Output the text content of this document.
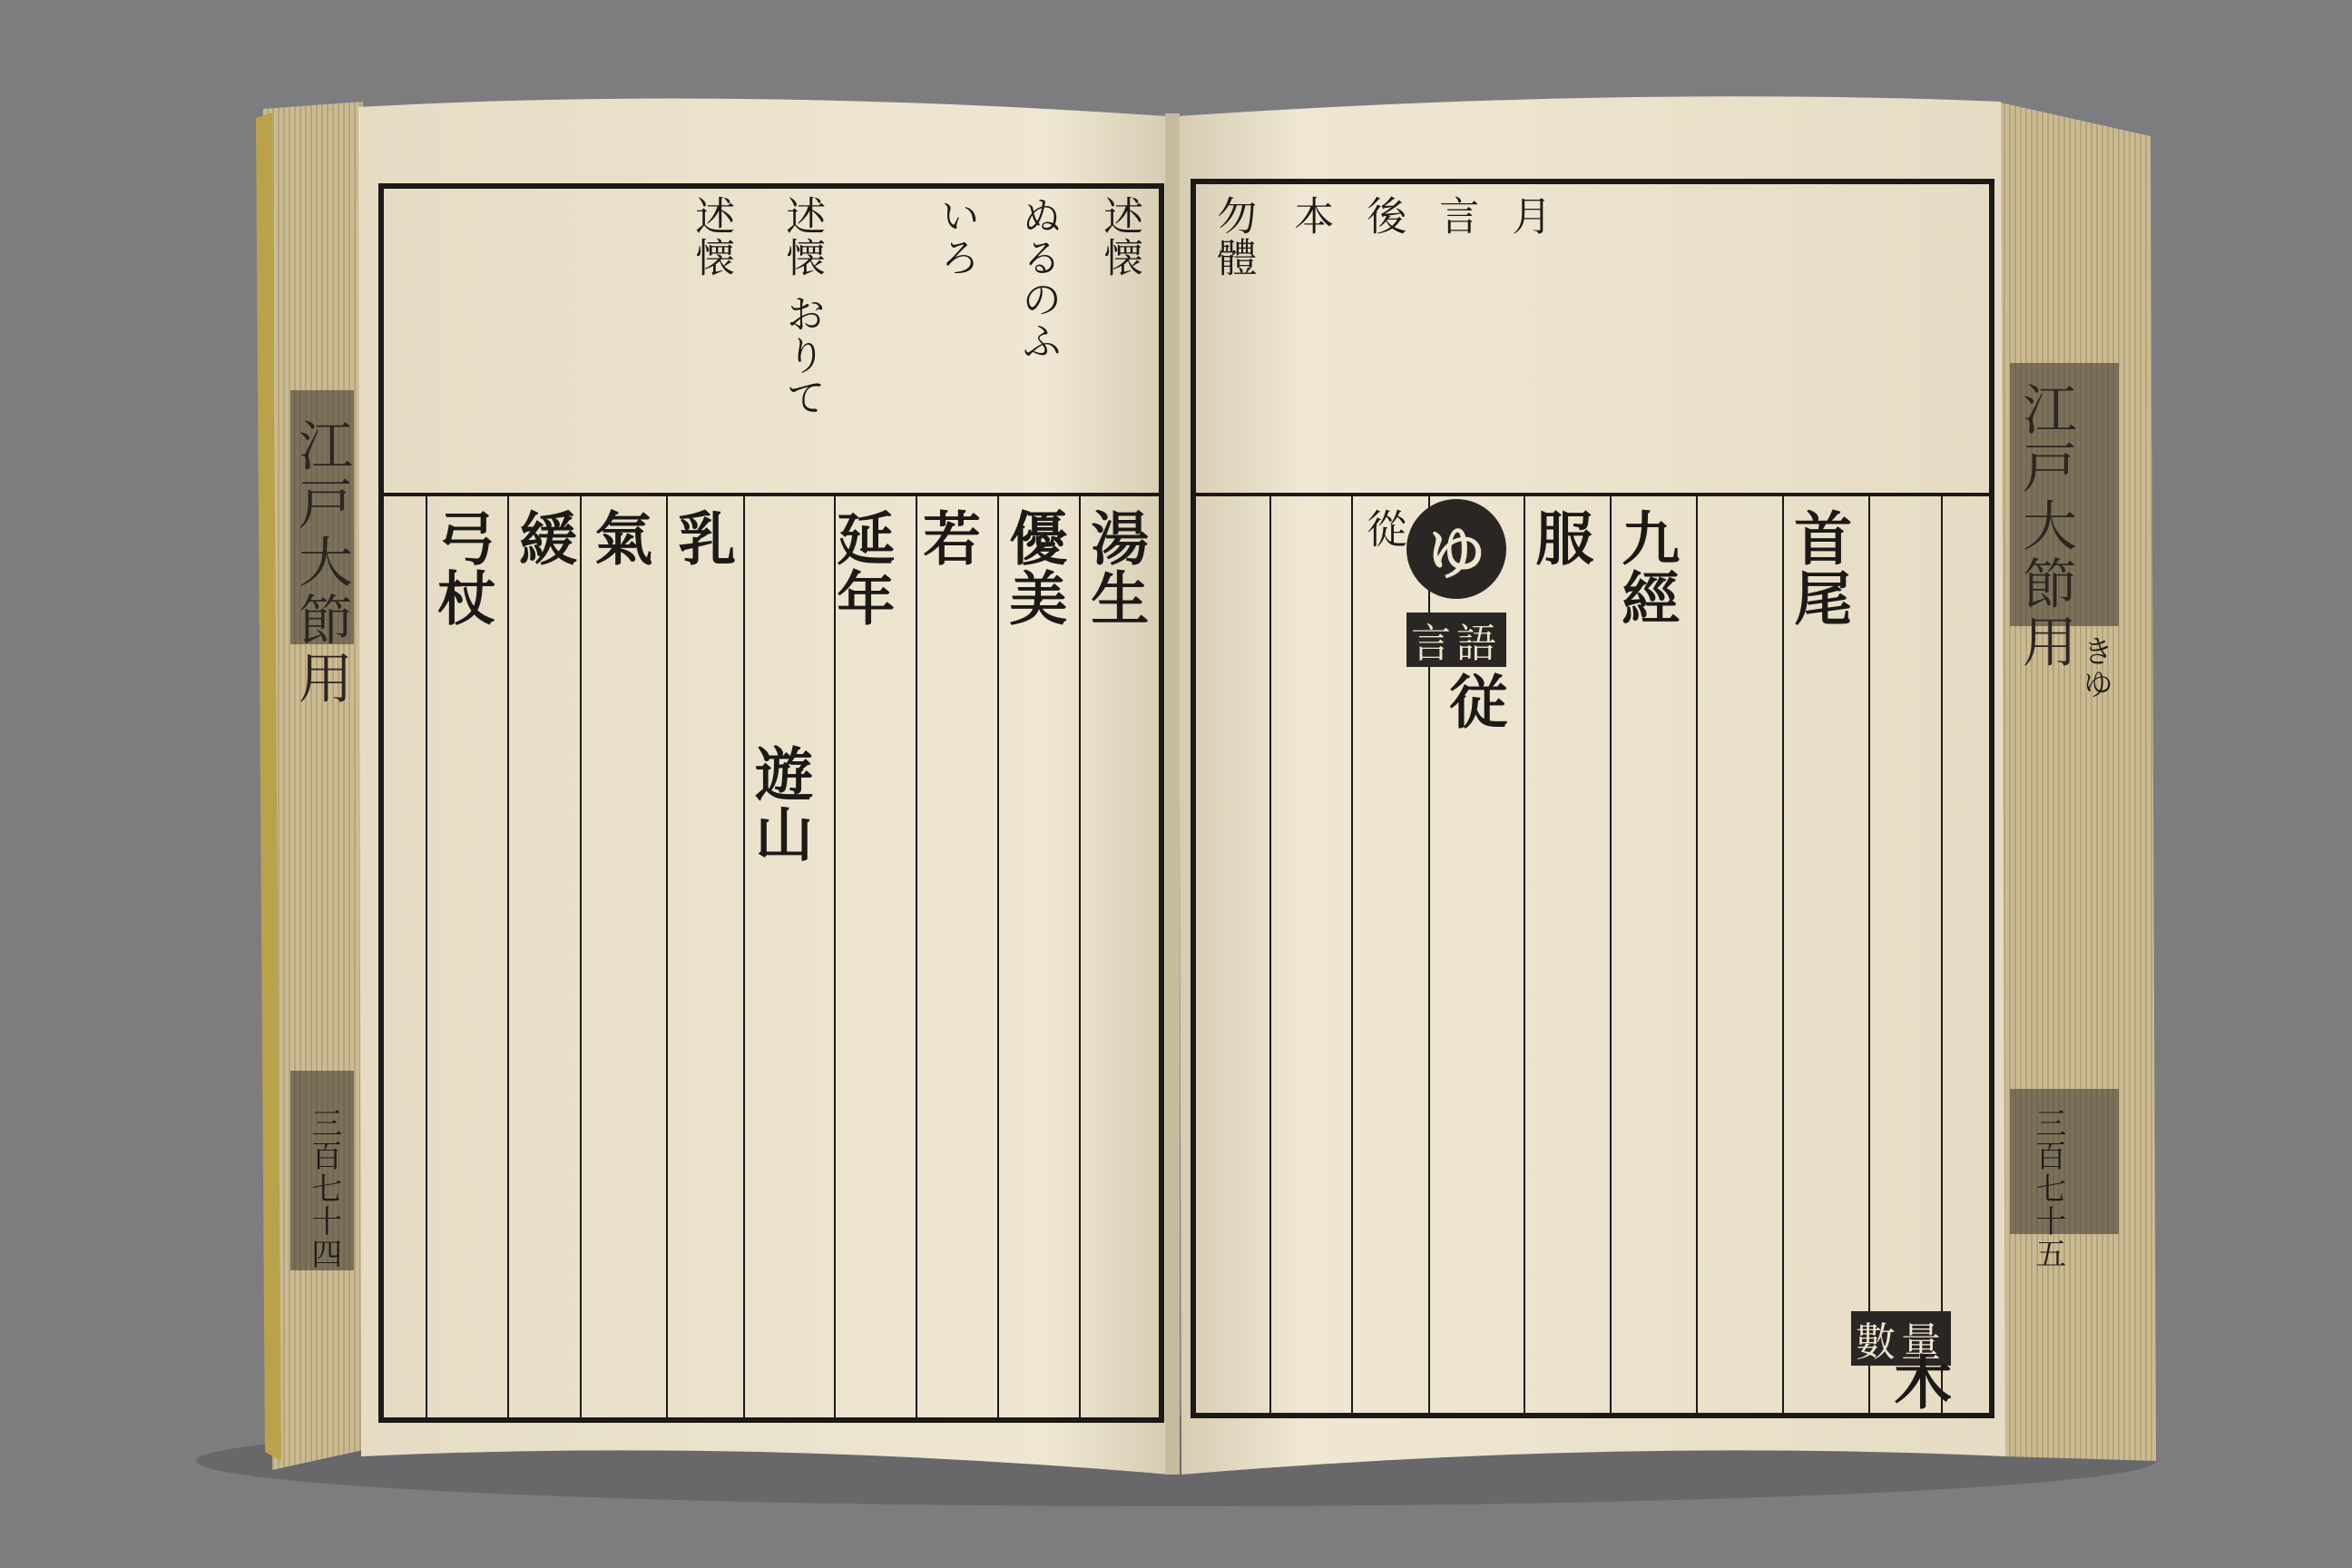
江戸大節用
三百七十四
述懐
ぬるのふ
いろ
述懐 おりて
述懐
湯生
優美
延年
遊山
若
弓杖 緩 氣 乳	江戸大節用 きゆ
三百七十五
勿體 本 後 言 月
ゆ
言語
數量
木
九經 首尾
服
従
從
